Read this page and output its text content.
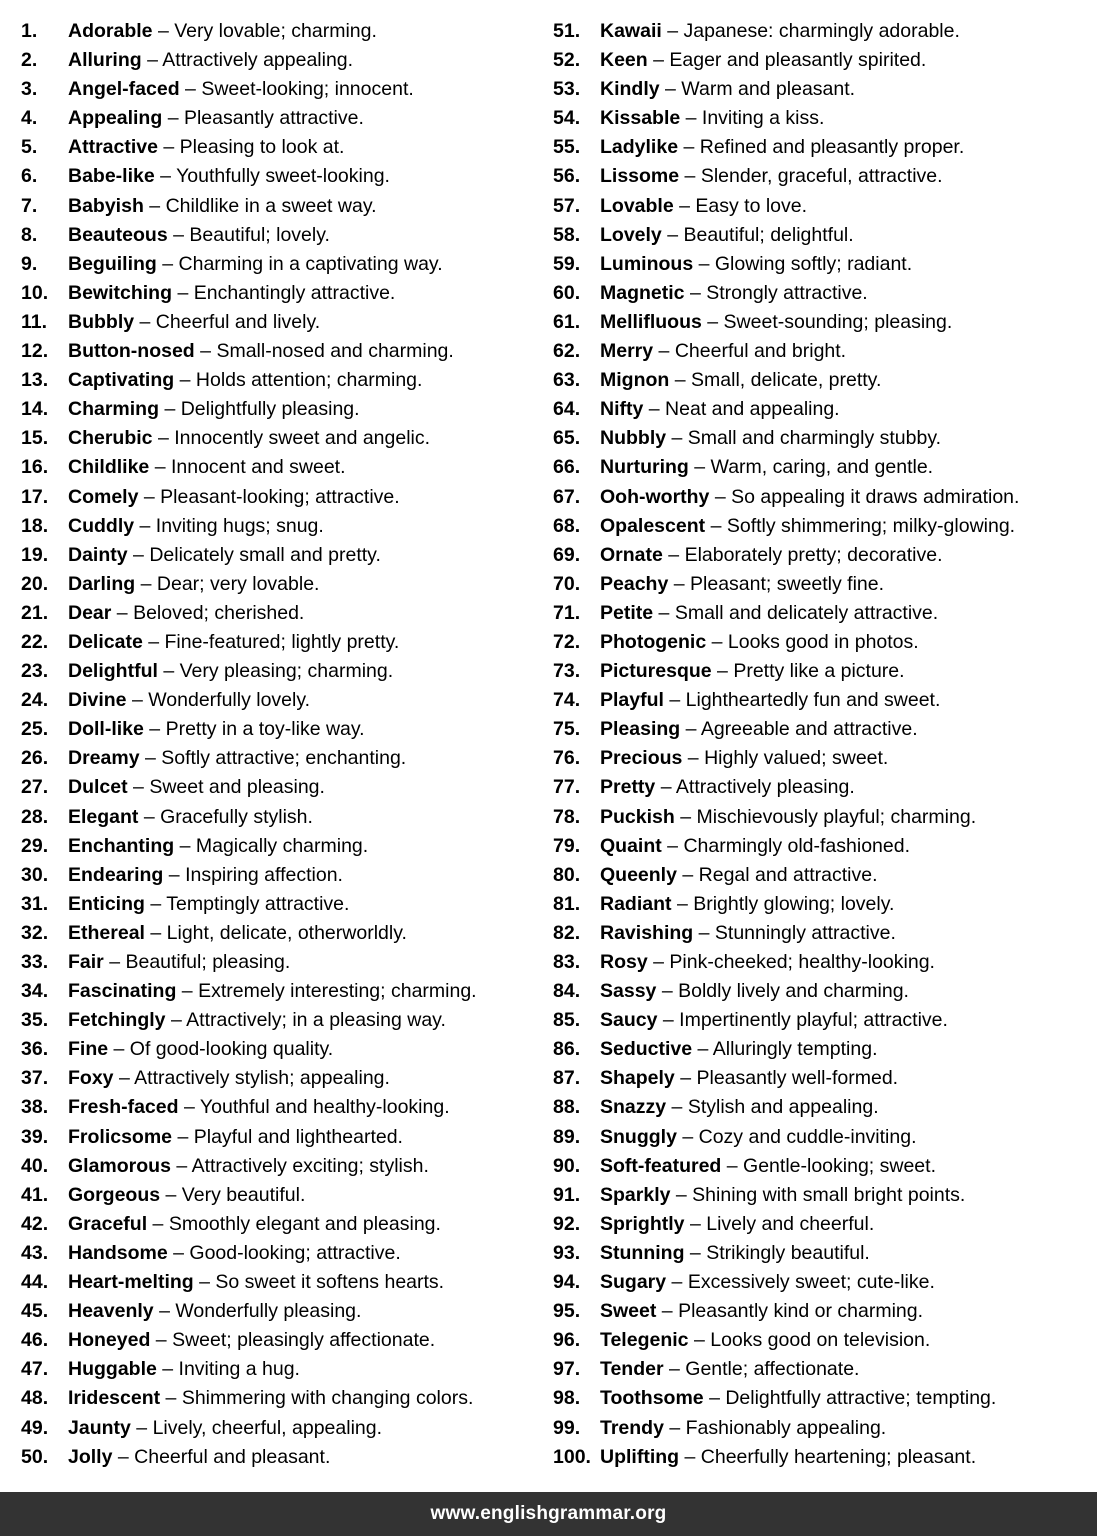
1. Adorable – Very lovable; charming.
2. Alluring – Attractively appealing.
3. Angel-faced – Sweet-looking; innocent.
4. Appealing – Pleasantly attractive.
5. Attractive – Pleasing to look at.
6. Babe-like – Youthfully sweet-looking.
7. Babyish – Childlike in a sweet way.
8. Beauteous – Beautiful; lovely.
9. Beguiling – Charming in a captivating way.
10. Bewitching – Enchantingly attractive.
11. Bubbly – Cheerful and lively.
12. Button-nosed – Small-nosed and charming.
13. Captivating – Holds attention; charming.
14. Charming – Delightfully pleasing.
15. Cherubic – Innocently sweet and angelic.
16. Childlike – Innocent and sweet.
17. Comely – Pleasant-looking; attractive.
18. Cuddly – Inviting hugs; snug.
19. Dainty – Delicately small and pretty.
20. Darling – Dear; very lovable.
21. Dear – Beloved; cherished.
22. Delicate – Fine-featured; lightly pretty.
23. Delightful – Very pleasing; charming.
24. Divine – Wonderfully lovely.
25. Doll-like – Pretty in a toy-like way.
26. Dreamy – Softly attractive; enchanting.
27. Dulcet – Sweet and pleasing.
28. Elegant – Gracefully stylish.
29. Enchanting – Magically charming.
30. Endearing – Inspiring affection.
31. Enticing – Temptingly attractive.
32. Ethereal – Light, delicate, otherworldly.
33. Fair – Beautiful; pleasing.
34. Fascinating – Extremely interesting; charming.
35. Fetchingly – Attractively; in a pleasing way.
36. Fine – Of good-looking quality.
37. Foxy – Attractively stylish; appealing.
38. Fresh-faced – Youthful and healthy-looking.
39. Frolicsome – Playful and lighthearted.
40. Glamorous – Attractively exciting; stylish.
41. Gorgeous – Very beautiful.
42. Graceful – Smoothly elegant and pleasing.
43. Handsome – Good-looking; attractive.
44. Heart-melting – So sweet it softens hearts.
45. Heavenly – Wonderfully pleasing.
46. Honeyed – Sweet; pleasingly affectionate.
47. Huggable – Inviting a hug.
48. Iridescent – Shimmering with changing colors.
49. Jaunty – Lively, cheerful, appealing.
50. Jolly – Cheerful and pleasant.
51. Kawaii – Japanese: charmingly adorable.
52. Keen – Eager and pleasantly spirited.
53. Kindly – Warm and pleasant.
54. Kissable – Inviting a kiss.
55. Ladylike – Refined and pleasantly proper.
56. Lissome – Slender, graceful, attractive.
57. Lovable – Easy to love.
58. Lovely – Beautiful; delightful.
59. Luminous – Glowing softly; radiant.
60. Magnetic – Strongly attractive.
61. Mellifluous – Sweet-sounding; pleasing.
62. Merry – Cheerful and bright.
63. Mignon – Small, delicate, pretty.
64. Nifty – Neat and appealing.
65. Nubbly – Small and charmingly stubby.
66. Nurturing – Warm, caring, and gentle.
67. Ooh-worthy – So appealing it draws admiration.
68. Opalescent – Softly shimmering; milky-glowing.
69. Ornate – Elaborately pretty; decorative.
70. Peachy – Pleasant; sweetly fine.
71. Petite – Small and delicately attractive.
72. Photogenic – Looks good in photos.
73. Picturesque – Pretty like a picture.
74. Playful – Lightheartedly fun and sweet.
75. Pleasing – Agreeable and attractive.
76. Precious – Highly valued; sweet.
77. Pretty – Attractively pleasing.
78. Puckish – Mischievously playful; charming.
79. Quaint – Charmingly old-fashioned.
80. Queenly – Regal and attractive.
81. Radiant – Brightly glowing; lovely.
82. Ravishing – Stunningly attractive.
83. Rosy – Pink-cheeked; healthy-looking.
84. Sassy – Boldly lively and charming.
85. Saucy – Impertinently playful; attractive.
86. Seductive – Alluringly tempting.
87. Shapely – Pleasantly well-formed.
88. Snazzy – Stylish and appealing.
89. Snuggly – Cozy and cuddle-inviting.
90. Soft-featured – Gentle-looking; sweet.
91. Sparkly – Shining with small bright points.
92. Sprightly – Lively and cheerful.
93. Stunning – Strikingly beautiful.
94. Sugary – Excessively sweet; cute-like.
95. Sweet – Pleasantly kind or charming.
96. Telegenic – Looks good on television.
97. Tender – Gentle; affectionate.
98. Toothsome – Delightfully attractive; tempting.
99. Trendy – Fashionably appealing.
100. Uplifting – Cheerfully heartening; pleasant.
www.englishgrammar.org
